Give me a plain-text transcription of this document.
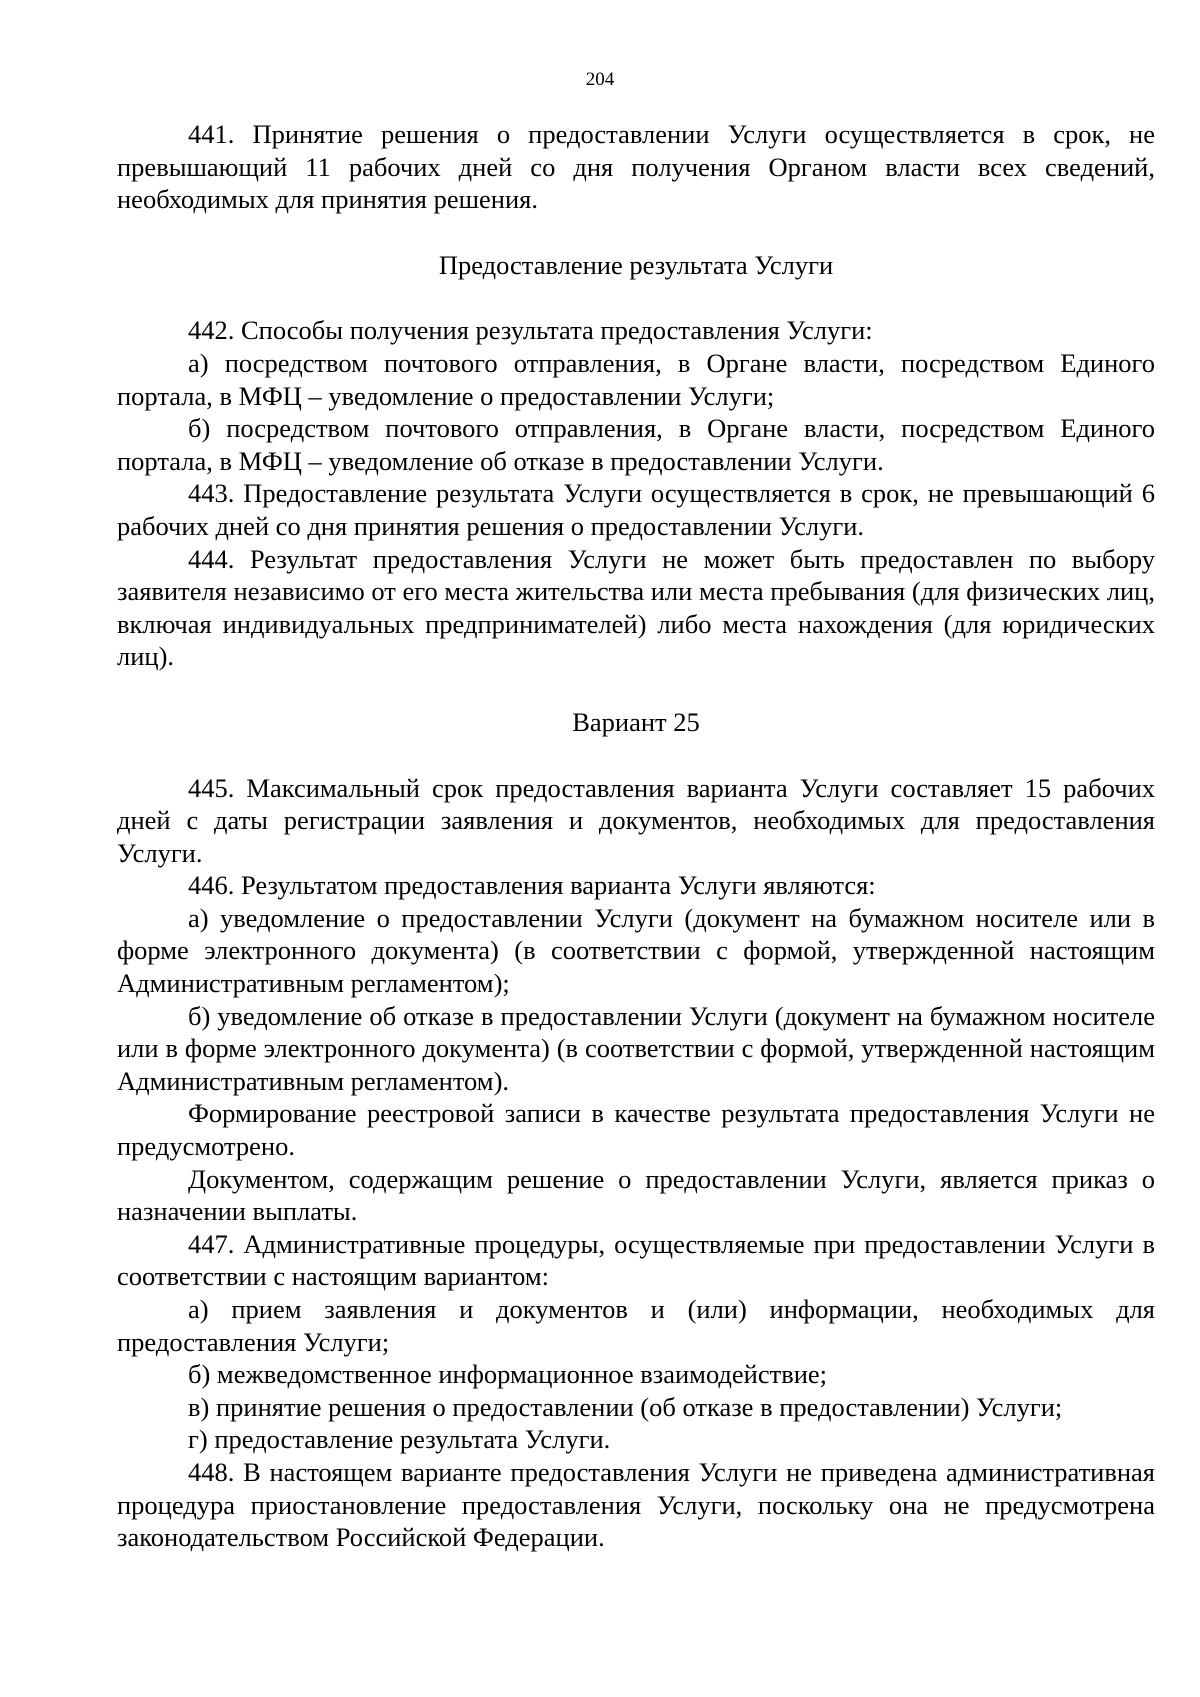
204

441. Принятие решения о предоставлении Услуги осуществляется в срок, не превышающий 11 рабочих дней со дня получения Органом власти всех сведений, необходимых для принятия решения.

Предоставление результата Услуги

442. Способы получения результата предоставления Услуги:

а) посредством почтового отправления, в Органе власти, посредством Единого портала, в МФЦ – уведомление о предоставлении Услуги;

б) посредством почтового отправления, в Органе власти, посредством Единого портала, в МФЦ – уведомление об отказе в предоставлении Услуги.

443. Предоставление результата Услуги осуществляется в срок, не превышающий 6 рабочих дней со дня принятия решения о предоставлении Услуги.

444. Результат предоставления Услуги не может быть предоставлен по выбору заявителя независимо от его места жительства или места пребывания (для физических лиц, включая индивидуальных предпринимателей) либо места нахождения (для юридических лиц).

Вариант 25

445. Максимальный срок предоставления варианта Услуги составляет 15 рабочих дней с даты регистрации заявления и документов, необходимых для предоставления Услуги.

446. Результатом предоставления варианта Услуги являются:

а) уведомление о предоставлении Услуги (документ на бумажном носителе или в форме электронного документа) (в соответствии с формой, утвержденной настоящим Административным регламентом);

б) уведомление об отказе в предоставлении Услуги (документ на бумажном носителе или в форме электронного документа) (в соответствии с формой, утвержденной настоящим Административным регламентом).

Формирование реестровой записи в качестве результата предоставления Услуги не предусмотрено.

Документом, содержащим решение о предоставлении Услуги, является приказ о назначении выплаты.

447. Административные процедуры, осуществляемые при предоставлении Услуги в соответствии с настоящим вариантом:

а) прием заявления и документов и (или) информации, необходимых для предоставления Услуги;

б) межведомственное информационное взаимодействие;

в) принятие решения о предоставлении (об отказе в предоставлении) Услуги;

г) предоставление результата Услуги.

448. В настоящем варианте предоставления Услуги не приведена административная процедура приостановление предоставления Услуги, поскольку она не предусмотрена законодательством Российской Федерации.
